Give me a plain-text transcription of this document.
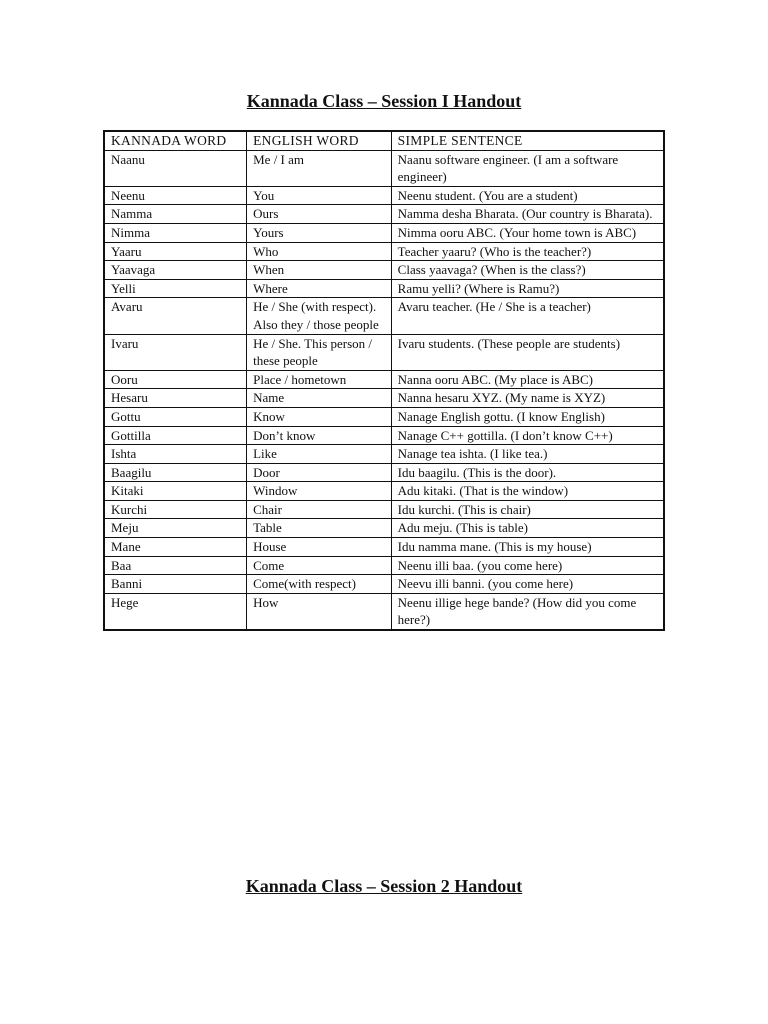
Kannada Class – Session I Handout
KANNADA WORD	ENGLISH WORD	SIMPLE SENTENCE
Naanu	Me / I am	Naanu software engineer. (I am a software engineer)
Neenu	You	Neenu student. (You are a student)
Namma	Ours	Namma desha Bharata. (Our country is Bharata).
Nimma	Yours	Nimma ooru ABC. (Your home town is ABC)
Yaaru	Who	Teacher yaaru? (Who is the teacher?)
Yaavaga	When	Class yaavaga? (When is the class?)
Yelli	Where	Ramu yelli? (Where is Ramu?)
Avaru	He / She (with respect). Also they / those people	Avaru teacher. (He / She is a teacher)
Ivaru	He / She. This person / these people	Ivaru students. (These people are students)
Ooru	Place / hometown	Nanna ooru ABC. (My place is ABC)
Hesaru	Name	Nanna hesaru XYZ. (My name is XYZ)
Gottu	Know	Nanage English gottu. (I know English)
Gottilla	Don’t know	Nanage C++ gottilla. (I don’t know C++)
Ishta	Like	Nanage tea ishta. (I like tea.)
Baagilu	Door	Idu baagilu. (This is the door).
Kitaki	Window	Adu kitaki. (That is the window)
Kurchi	Chair	Idu kurchi. (This is chair)
Meju	Table	Adu meju. (This is table)
Mane	House	Idu namma mane. (This is my house)
Baa	Come	Neenu illi baa. (you come here)
Banni	Come(with respect)	Neevu illi banni. (you come here)
Hege	How	Neenu illige hege bande? (How did you come here?)
Kannada Class – Session 2 Handout
